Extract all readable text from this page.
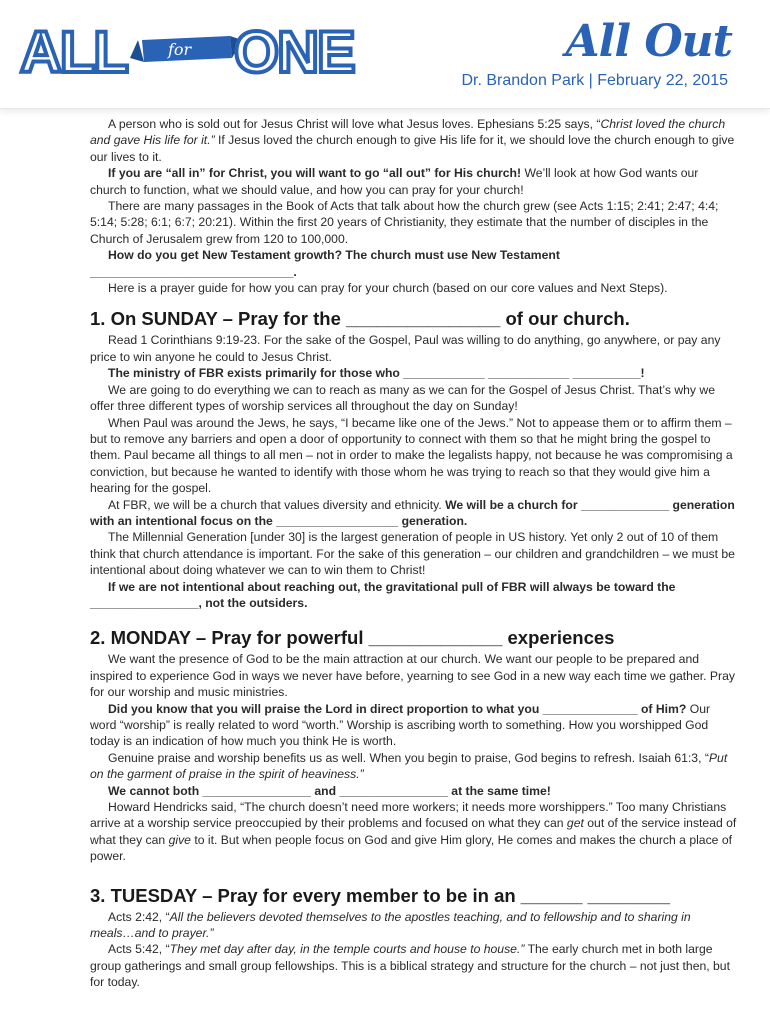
ALL	for ONE	All Out
Dr. Brandon Park | February 22, 2015

A person who is sold out for Jesus Christ will love what Jesus loves. Ephesians 5:25 says, “Christ loved the church and gave His life for it.” If Jesus loved the church enough to give His life for it, we should love the church enough to give our lives to it.

If you are “all in” for Christ, you will want to go “all out” for His church! We’ll look at how God wants our church to function, what we should value, and how you can pray for your church!

There are many passages in the Book of Acts that talk about how the church grew (see Acts 1:15; 2:41; 2:47; 4:4; 5:14; 5:28; 6:1; 6:7; 20:21). Within the first 20 years of Christianity, they estimate that the number of disciples in the Church of Jerusalem grew from 120 to 100,000.

How do you get New Testament growth? The church must use New Testament ______________________________.

Here is a prayer guide for how you can pray for your church (based on our core values and Next Steps).

1. On SUNDAY – Pray for the _______________ of our church.

Read 1 Corinthians 9:19-23. For the sake of the Gospel, Paul was willing to do anything, go anywhere, or pay any price to win anyone he could to Jesus Christ.

The ministry of FBR exists primarily for those who ____________ ____________ __________!

We are going to do everything we can to reach as many as we can for the Gospel of Jesus Christ. That’s why we offer three different types of worship services all throughout the day on Sunday!

When Paul was around the Jews, he says, “I became like one of the Jews.” Not to appease them or to affirm them – but to remove any barriers and open a door of opportunity to connect with them so that he might bring the gospel to them. Paul became all things to all men – not in order to make the legalists happy, not because he was compromising a conviction, but because he wanted to identify with those whom he was trying to reach so that they would give him a hearing for the gospel.

At FBR, we will be a church that values diversity and ethnicity. We will be a church for _____________ generation with an intentional focus on the __________________ generation.

The Millennial Generation [under 30] is the largest generation of people in US history. Yet only 2 out of 10 of them think that church attendance is important. For the sake of this generation – our children and grandchildren – we must be intentional about doing whatever we can to win them to Christ!

If we are not intentional about reaching out, the gravitational pull of FBR will always be toward the ________________, not the outsiders.

2. MONDAY – Pray for powerful _____________ experiences

We want the presence of God to be the main attraction at our church. We want our people to be prepared and inspired to experience God in ways we never have before, yearning to see God in a new way each time we gather. Pray for our worship and music ministries.

Did you know that you will praise the Lord in direct proportion to what you ______________ of Him? Our word “worship” is really related to word “worth.” Worship is ascribing worth to something. How you worshipped God today is an indication of how much you think He is worth.

Genuine praise and worship benefits us as well. When you begin to praise, God begins to refresh. Isaiah 61:3, “Put on the garment of praise in the spirit of heaviness.”

We cannot both ________________ and ________________ at the same time!

Howard Hendricks said, “The church doesn’t need more workers; it needs more worshippers.” Too many Christians arrive at a worship service preoccupied by their problems and focused on what they can get out of the service instead of what they can give to it. But when people focus on God and give Him glory, He comes and makes the church a place of power.

3. TUESDAY – Pray for every member to be in an ______ ________

Acts 2:42, “All the believers devoted themselves to the apostles teaching, and to fellowship and to sharing in meals…and to prayer.”

Acts 5:42, “They met day after day, in the temple courts and house to house.” The early church met in both large group gatherings and small group fellowships. This is a biblical strategy and structure for the church – not just then, but for today.
